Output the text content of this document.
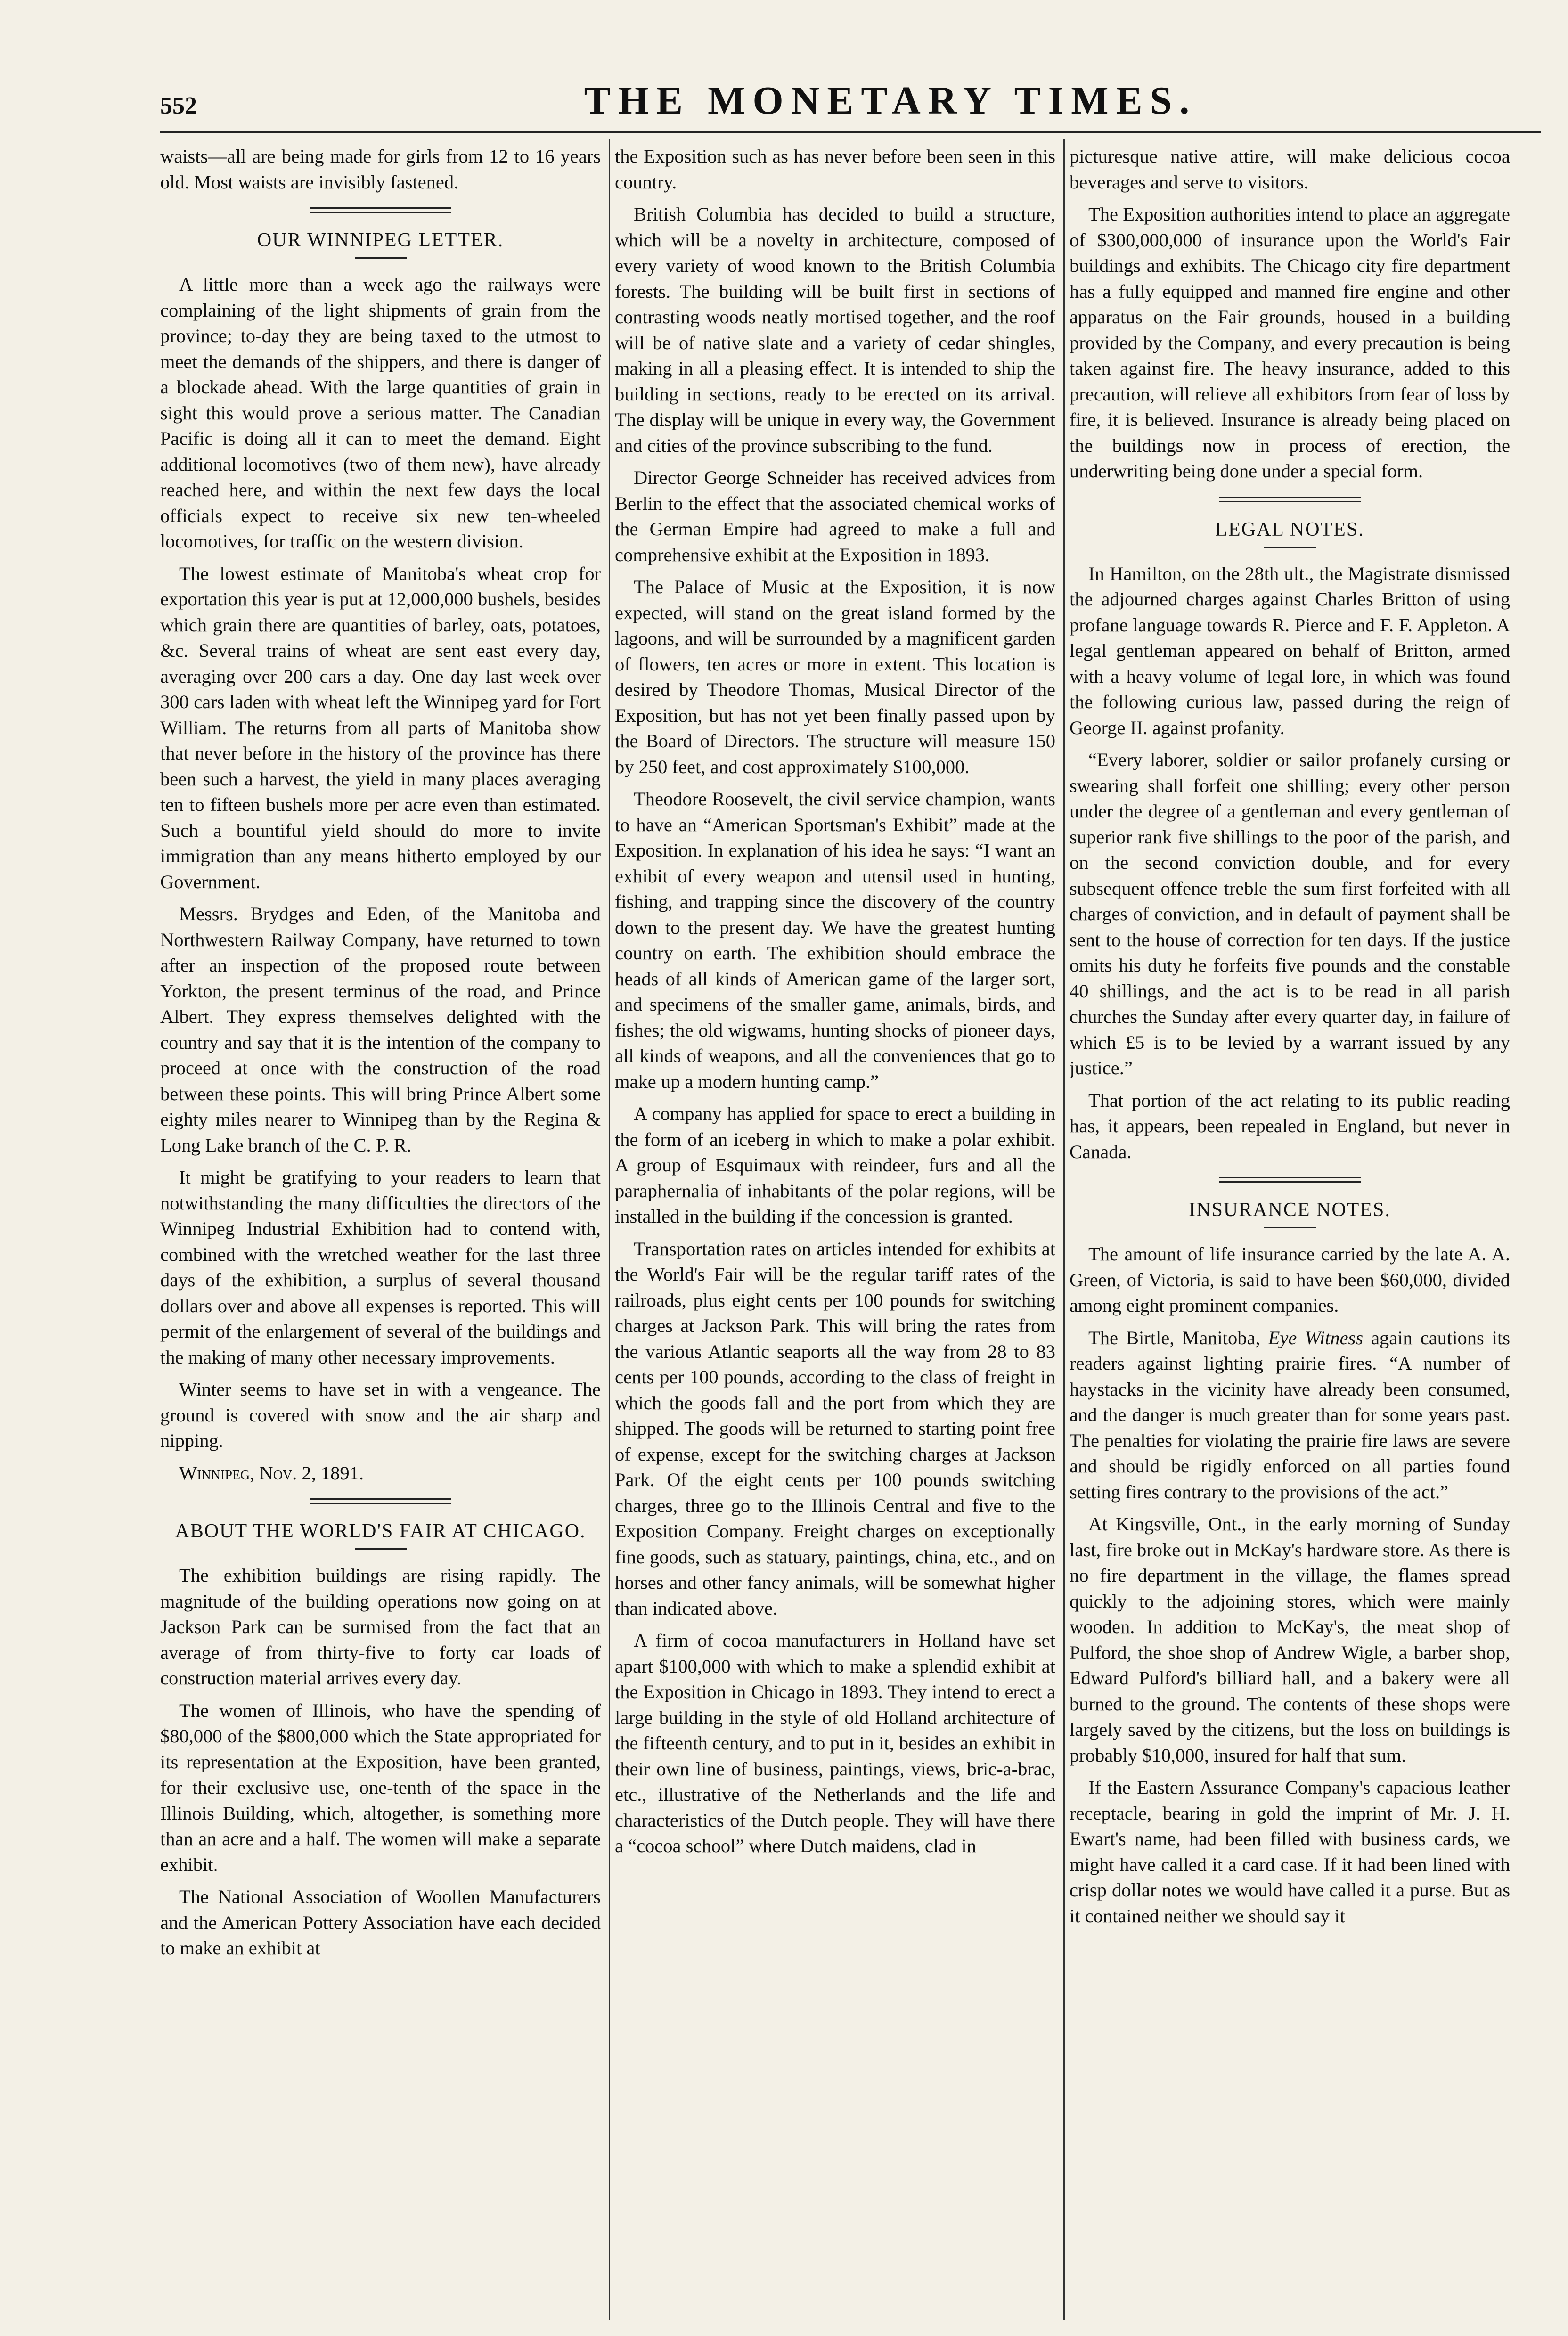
552	THE MONETARY TIMES.

waists—all are being made for girls from 12 to 16 years old. Most waists are invisibly fastened.

OUR WINNIPEG LETTER.

A little more than a week ago the railways were complaining of the light shipments of grain from the province; to-day they are being taxed to the utmost to meet the demands of the shippers, and there is danger of a blockade ahead. With the large quantities of grain in sight this would prove a serious matter. The Canadian Pacific is doing all it can to meet the demand. Eight additional locomotives (two of them new), have already reached here, and within the next few days the local officials expect to receive six new ten-wheeled locomotives, for traffic on the western division.

The lowest estimate of Manitoba's wheat crop for exportation this year is put at 12,000,000 bushels, besides which grain there are quantities of barley, oats, potatoes, &c. Several trains of wheat are sent east every day, averaging over 200 cars a day. One day last week over 300 cars laden with wheat left the Winnipeg yard for Fort William. The returns from all parts of Manitoba show that never before in the history of the province has there been such a harvest, the yield in many places averaging ten to fifteen bushels more per acre even than estimated. Such a bountiful yield should do more to invite immigration than any means hitherto employed by our Government.

Messrs. Brydges and Eden, of the Manitoba and Northwestern Railway Company, have returned to town after an inspection of the proposed route between Yorkton, the present terminus of the road, and Prince Albert. They express themselves delighted with the country and say that it is the intention of the company to proceed at once with the construction of the road between these points. This will bring Prince Albert some eighty miles nearer to Winnipeg than by the Regina & Long Lake branch of the C. P. R.

It might be gratifying to your readers to learn that notwithstanding the many difficulties the directors of the Winnipeg Industrial Exhibition had to contend with, combined with the wretched weather for the last three days of the exhibition, a surplus of several thousand dollars over and above all expenses is reported. This will permit of the enlargement of several of the buildings and the making of many other necessary improvements.

Winter seems to have set in with a vengeance. The ground is covered with snow and the air sharp and nipping.

Winnipeg, Nov. 2, 1891.

ABOUT THE WORLD'S FAIR AT CHICAGO.

The exhibition buildings are rising rapidly. The magnitude of the building operations now going on at Jackson Park can be surmised from the fact that an average of from thirty-five to forty car loads of construction material arrives every day.

The women of Illinois, who have the spending of $80,000 of the $800,000 which the State appropriated for its representation at the Exposition, have been granted, for their exclusive use, one-tenth of the space in the Illinois Building, which, altogether, is something more than an acre and a half. The women will make a separate exhibit.

The National Association of Woollen Manufacturers and the American Pottery Association have each decided to make an exhibit at

the Exposition such as has never before been seen in this country.

British Columbia has decided to build a structure, which will be a novelty in architecture, composed of every variety of wood known to the British Columbia forests. The building will be built first in sections of contrasting woods neatly mortised together, and the roof will be of native slate and a variety of cedar shingles, making in all a pleasing effect. It is intended to ship the building in sections, ready to be erected on its arrival. The display will be unique in every way, the Government and cities of the province subscribing to the fund.

Director George Schneider has received advices from Berlin to the effect that the associated chemical works of the German Empire had agreed to make a full and comprehensive exhibit at the Exposition in 1893.

The Palace of Music at the Exposition, it is now expected, will stand on the great island formed by the lagoons, and will be surrounded by a magnificent garden of flowers, ten acres or more in extent. This location is desired by Theodore Thomas, Musical Director of the Exposition, but has not yet been finally passed upon by the Board of Directors. The structure will measure 150 by 250 feet, and cost approximately $100,000.

Theodore Roosevelt, the civil service champion, wants to have an “American Sportsman's Exhibit” made at the Exposition. In explanation of his idea he says: “I want an exhibit of every weapon and utensil used in hunting, fishing, and trapping since the discovery of the country down to the present day. We have the greatest hunting country on earth. The exhibition should embrace the heads of all kinds of American game of the larger sort, and specimens of the smaller game, animals, birds, and fishes; the old wigwams, hunting shocks of pioneer days, all kinds of weapons, and all the conveniences that go to make up a modern hunting camp.”

A company has applied for space to erect a building in the form of an iceberg in which to make a polar exhibit. A group of Esquimaux with reindeer, furs and all the paraphernalia of inhabitants of the polar regions, will be installed in the building if the concession is granted.

Transportation rates on articles intended for exhibits at the World's Fair will be the regular tariff rates of the railroads, plus eight cents per 100 pounds for switching charges at Jackson Park. This will bring the rates from the various Atlantic seaports all the way from 28 to 83 cents per 100 pounds, according to the class of freight in which the goods fall and the port from which they are shipped. The goods will be returned to starting point free of expense, except for the switching charges at Jackson Park. Of the eight cents per 100 pounds switching charges, three go to the Illinois Central and five to the Exposition Company. Freight charges on exceptionally fine goods, such as statuary, paintings, china, etc., and on horses and other fancy animals, will be somewhat higher than indicated above.

A firm of cocoa manufacturers in Holland have set apart $100,000 with which to make a splendid exhibit at the Exposition in Chicago in 1893. They intend to erect a large building in the style of old Holland architecture of the fifteenth century, and to put in it, besides an exhibit in their own line of business, paintings, views, bric-a-brac, etc., illustrative of the Netherlands and the life and characteristics of the Dutch people. They will have there a “cocoa school” where Dutch maidens, clad in

picturesque native attire, will make delicious cocoa beverages and serve to visitors.

The Exposition authorities intend to place an aggregate of $300,000,000 of insurance upon the World's Fair buildings and exhibits. The Chicago city fire department has a fully equipped and manned fire engine and other apparatus on the Fair grounds, housed in a building provided by the Company, and every precaution is being taken against fire. The heavy insurance, added to this precaution, will relieve all exhibitors from fear of loss by fire, it is believed. Insurance is already being placed on the buildings now in process of erection, the underwriting being done under a special form.

LEGAL NOTES.

In Hamilton, on the 28th ult., the Magistrate dismissed the adjourned charges against Charles Britton of using profane language towards R. Pierce and F. F. Appleton. A legal gentleman appeared on behalf of Britton, armed with a heavy volume of legal lore, in which was found the following curious law, passed during the reign of George II. against profanity.

“Every laborer, soldier or sailor profanely cursing or swearing shall forfeit one shilling; every other person under the degree of a gentleman and every gentleman of superior rank five shillings to the poor of the parish, and on the second conviction double, and for every subsequent offence treble the sum first forfeited with all charges of conviction, and in default of payment shall be sent to the house of correction for ten days. If the justice omits his duty he forfeits five pounds and the constable 40 shillings, and the act is to be read in all parish churches the Sunday after every quarter day, in failure of which £5 is to be levied by a warrant issued by any justice.”

That portion of the act relating to its public reading has, it appears, been repealed in England, but never in Canada.

INSURANCE NOTES.

The amount of life insurance carried by the late A. A. Green, of Victoria, is said to have been $60,000, divided among eight prominent companies.

The Birtle, Manitoba, Eye Witness again cautions its readers against lighting prairie fires. “A number of haystacks in the vicinity have already been consumed, and the danger is much greater than for some years past. The penalties for violating the prairie fire laws are severe and should be rigidly enforced on all parties found setting fires contrary to the provisions of the act.”

At Kingsville, Ont., in the early morning of Sunday last, fire broke out in McKay's hardware store. As there is no fire department in the village, the flames spread quickly to the adjoining stores, which were mainly wooden. In addition to McKay's, the meat shop of Pulford, the shoe shop of Andrew Wigle, a barber shop, Edward Pulford's billiard hall, and a bakery were all burned to the ground. The contents of these shops were largely saved by the citizens, but the loss on buildings is probably $10,000, insured for half that sum.

If the Eastern Assurance Company's capacious leather receptacle, bearing in gold the imprint of Mr. J. H. Ewart's name, had been filled with business cards, we might have called it a card case. If it had been lined with crisp dollar notes we would have called it a purse. But as it contained neither we should say it
